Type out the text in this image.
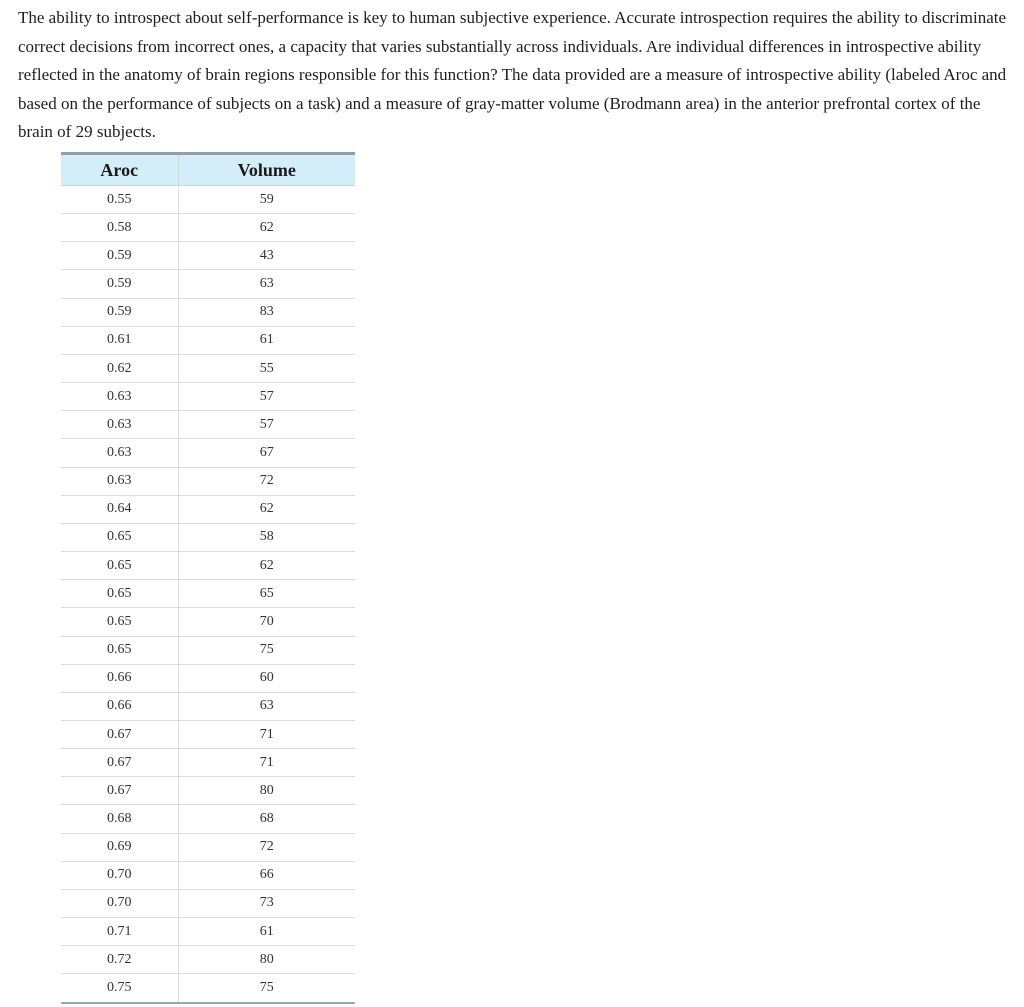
The ability to introspect about self-performance is key to human subjective experience. Accurate introspection requires the ability to discriminate correct decisions from incorrect ones, a capacity that varies substantially across individuals. Are individual differences in introspective ability reflected in the anatomy of brain regions responsible for this function? The data provided are a measure of introspective ability (labeled Aroc and based on the performance of subjects on a task) and a measure of gray-matter volume (Brodmann area) in the anterior prefrontal cortex of the brain of 29 subjects.

Aroc	Volume
0.55	59
0.58	62
0.59	43
0.59	63
0.59	83
0.61	61
0.62	55
0.63	57
0.63	57
0.63	67
0.63	72
0.64	62
0.65	58
0.65	62
0.65	65
0.65	70
0.65	75
0.66	60
0.66	63
0.67	71
0.67	71
0.67	80
0.68	68
0.69	72
0.70	66
0.70	73
0.71	61
0.72	80
0.75	75
